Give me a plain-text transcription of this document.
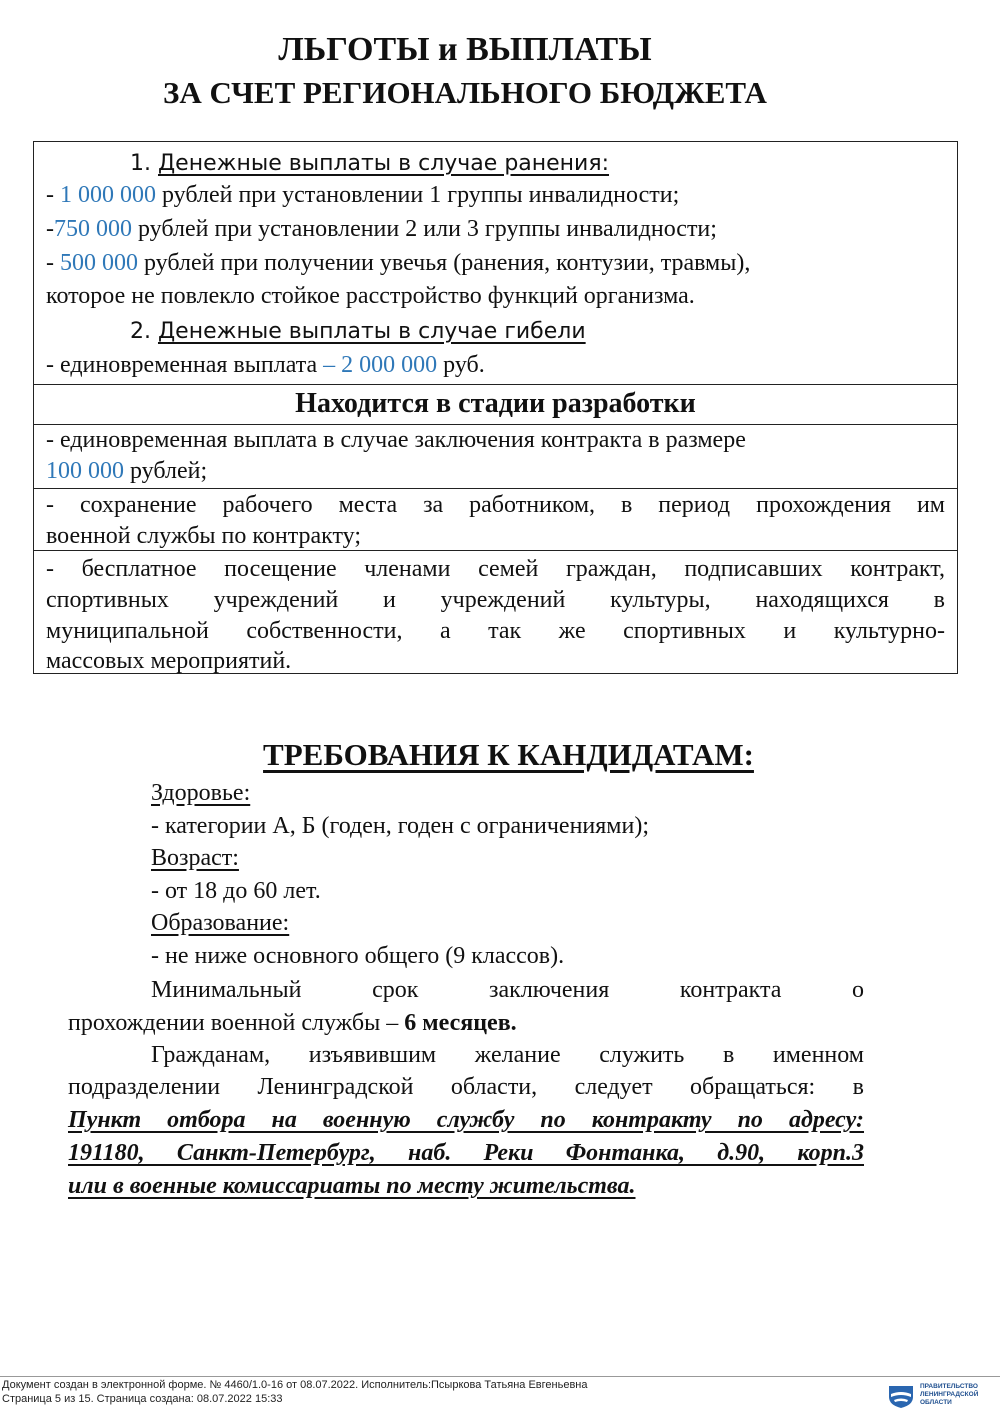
ЛЬГОТЫ и ВЫПЛАТЫ
ЗА СЧЕТ РЕГИОНАЛЬНОГО БЮДЖЕТА
1. Денежные выплаты в случае ранения:
- 1 000 000 рублей при установлении 1 группы инвалидности;
-750 000 рублей при установлении 2 или 3 группы инвалидности;
- 500 000 рублей при получении увечья (ранения, контузии, травмы),
которое не повлекло стойкое расстройство функций организма.
2. Денежные выплаты в случае гибели
- единовременная выплата – 2 000 000 руб.
Находится в стадии разработки
- единовременная выплата в случае заключения контракта в размере
100 000 рублей;
- сохранение рабочего места за работником, в период прохождения им
военной службы по контракту;
- бесплатное посещение членами семей граждан, подписавших контракт,
спортивных учреждений и учреждений культуры, находящихся в
муниципальной собственности, а так же спортивных и культурно-
массовых мероприятий.
ТРЕБОВАНИЯ К КАНДИДАТАМ:
Здоровье:
- категории А, Б (годен, годен с ограничениями);
Возраст:
- от 18 до 60 лет.
Образование:
- не ниже основного общего (9 классов).
Минимальный срок заключения контракта о
прохождении военной службы – 6 месяцев.
Гражданам, изъявившим желание служить в именном
подразделении Ленинградской области, следует обращаться: в
Пункт отбора на военную службу по контракту по адресу:
191180, Санкт-Петербург, наб. Реки Фонтанка, д.90, корп.3
или в военные комиссариаты по месту жительства.
Документ создан в электронной форме. № 4460/1.0-16 от 08.07.2022. Исполнитель:Псыркова Татьяна Евгеньевна
Страница 5 из 15. Страница создана: 08.07.2022 15:33
ПРАВИТЕЛЬСТВО
ЛЕНИНГРАДСКОЙ
ОБЛАСТИ
